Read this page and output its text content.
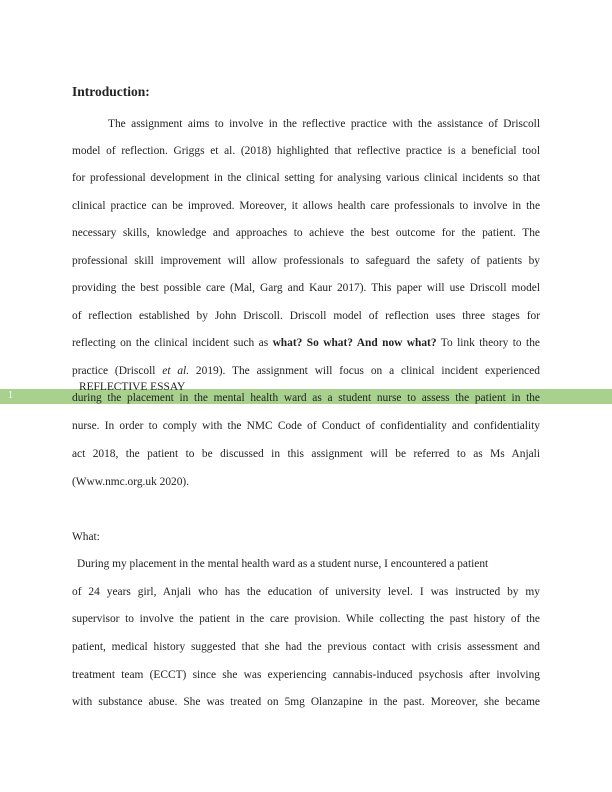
Introduction:
The assignment aims to involve in the reflective practice with the assistance of Driscoll
model of reflection. Griggs et al. (2018) highlighted that reflective practice is a beneficial tool
for professional development in the clinical setting for analysing various clinical incidents so that
clinical practice can be improved. Moreover, it allows health care professionals to involve in the
necessary skills, knowledge and approaches to achieve the best outcome for the patient. The
professional skill improvement will allow professionals to safeguard the safety of patients by
providing the best possible care (Mal, Garg and Kaur 2017). This paper will use Driscoll model
of reflection established by John Driscoll. Driscoll model of reflection uses three stages for
reflecting on the clinical incident such as what? So what? And now what? To link theory to the
practice (Driscoll et al. 2019). The assignment will focus on a clinical incident experienced
1
REFLECTIVE ESSAY
during the placement in the mental health ward as a student nurse to assess the patient in the
nurse. In order to comply with the NMC Code of Conduct of confidentiality and confidentiality
act 2018, the patient to be discussed in this assignment will be referred to as Ms Anjali
(Www.nmc.org.uk 2020).
What:
During my placement in the mental health ward as a student nurse, I encountered a patient
of 24 years girl, Anjali who has the education of university level. I was instructed by my
supervisor to involve the patient in the care provision. While collecting the past history of the
patient, medical history suggested that she had the previous contact with crisis assessment and
treatment team (ECCT) since she was experiencing cannabis-induced psychosis after involving
with substance abuse. She was treated on 5mg Olanzapine in the past. Moreover, she became
